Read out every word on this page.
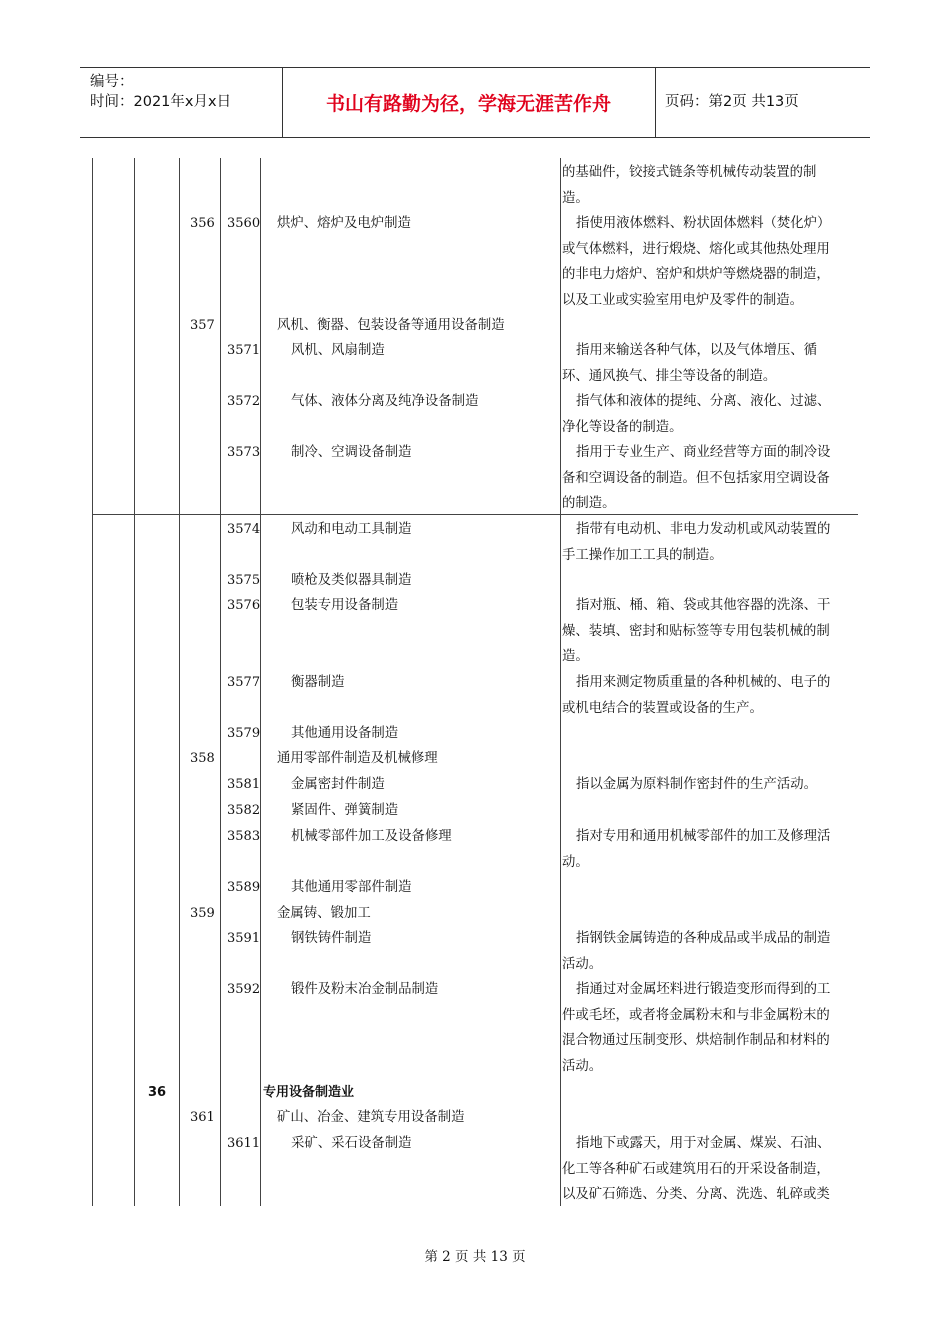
编号：
时间：2021年x月x日	书山有路勤为径，学海无涯苦作舟	页码：第2页 共13页
的基础件，铰接式链条等机械传动装置的制
造。
356 3560 烘炉、熔炉及电炉制造	指使用液体燃料、粉状固体燃料（焚化炉）
或气体燃料，进行煅烧、熔化或其他热处理用
的非电力熔炉、窑炉和烘炉等燃烧器的制造，
以及工业或实验室用电炉及零件的制造。
357	风机、衡器、包装设备等通用设备制造
3571 风机、风扇制造	指用来输送各种气体，以及气体增压、循
环、通风换气、排尘等设备的制造。
3572 气体、液体分离及纯净设备制造	指气体和液体的提纯、分离、液化、过滤、
净化等设备的制造。
3573 制冷、空调设备制造	指用于专业生产、商业经营等方面的制冷设
备和空调设备的制造。但不包括家用空调设备
的制造。
3574 风动和电动工具制造	指带有电动机、非电力发动机或风动装置的
手工操作加工工具的制造。
3575 喷枪及类似器具制造
3576 包装专用设备制造	指对瓶、桶、箱、袋或其他容器的洗涤、干
燥、装填、密封和贴标签等专用包装机械的制
造。
3577 衡器制造	指用来测定物质重量的各种机械的、电子的
或机电结合的装置或设备的生产。
3579 其他通用设备制造
358	通用零部件制造及机械修理
3581 金属密封件制造	指以金属为原料制作密封件的生产活动。
3582 紧固件、弹簧制造
3583 机械零部件加工及设备修理	指对专用和通用机械零部件的加工及修理活
动。
3589 其他通用零部件制造
359	金属铸、锻加工
3591 钢铁铸件制造	指钢铁金属铸造的各种成品或半成品的制造
活动。
3592 锻件及粉末冶金制品制造	指通过对金属坯料进行锻造变形而得到的工
件或毛坯，或者将金属粉末和与非金属粉末的
混合物通过压制变形、烘焙制作制品和材料的
活动。
36	专用设备制造业
361	矿山、冶金、建筑专用设备制造
3611 采矿、采石设备制造	指地下或露天，用于对金属、煤炭、石油、
化工等各种矿石或建筑用石的开采设备制造，
以及矿石筛选、分类、分离、洗选、轧碎或类
第 2 页 共 13 页
